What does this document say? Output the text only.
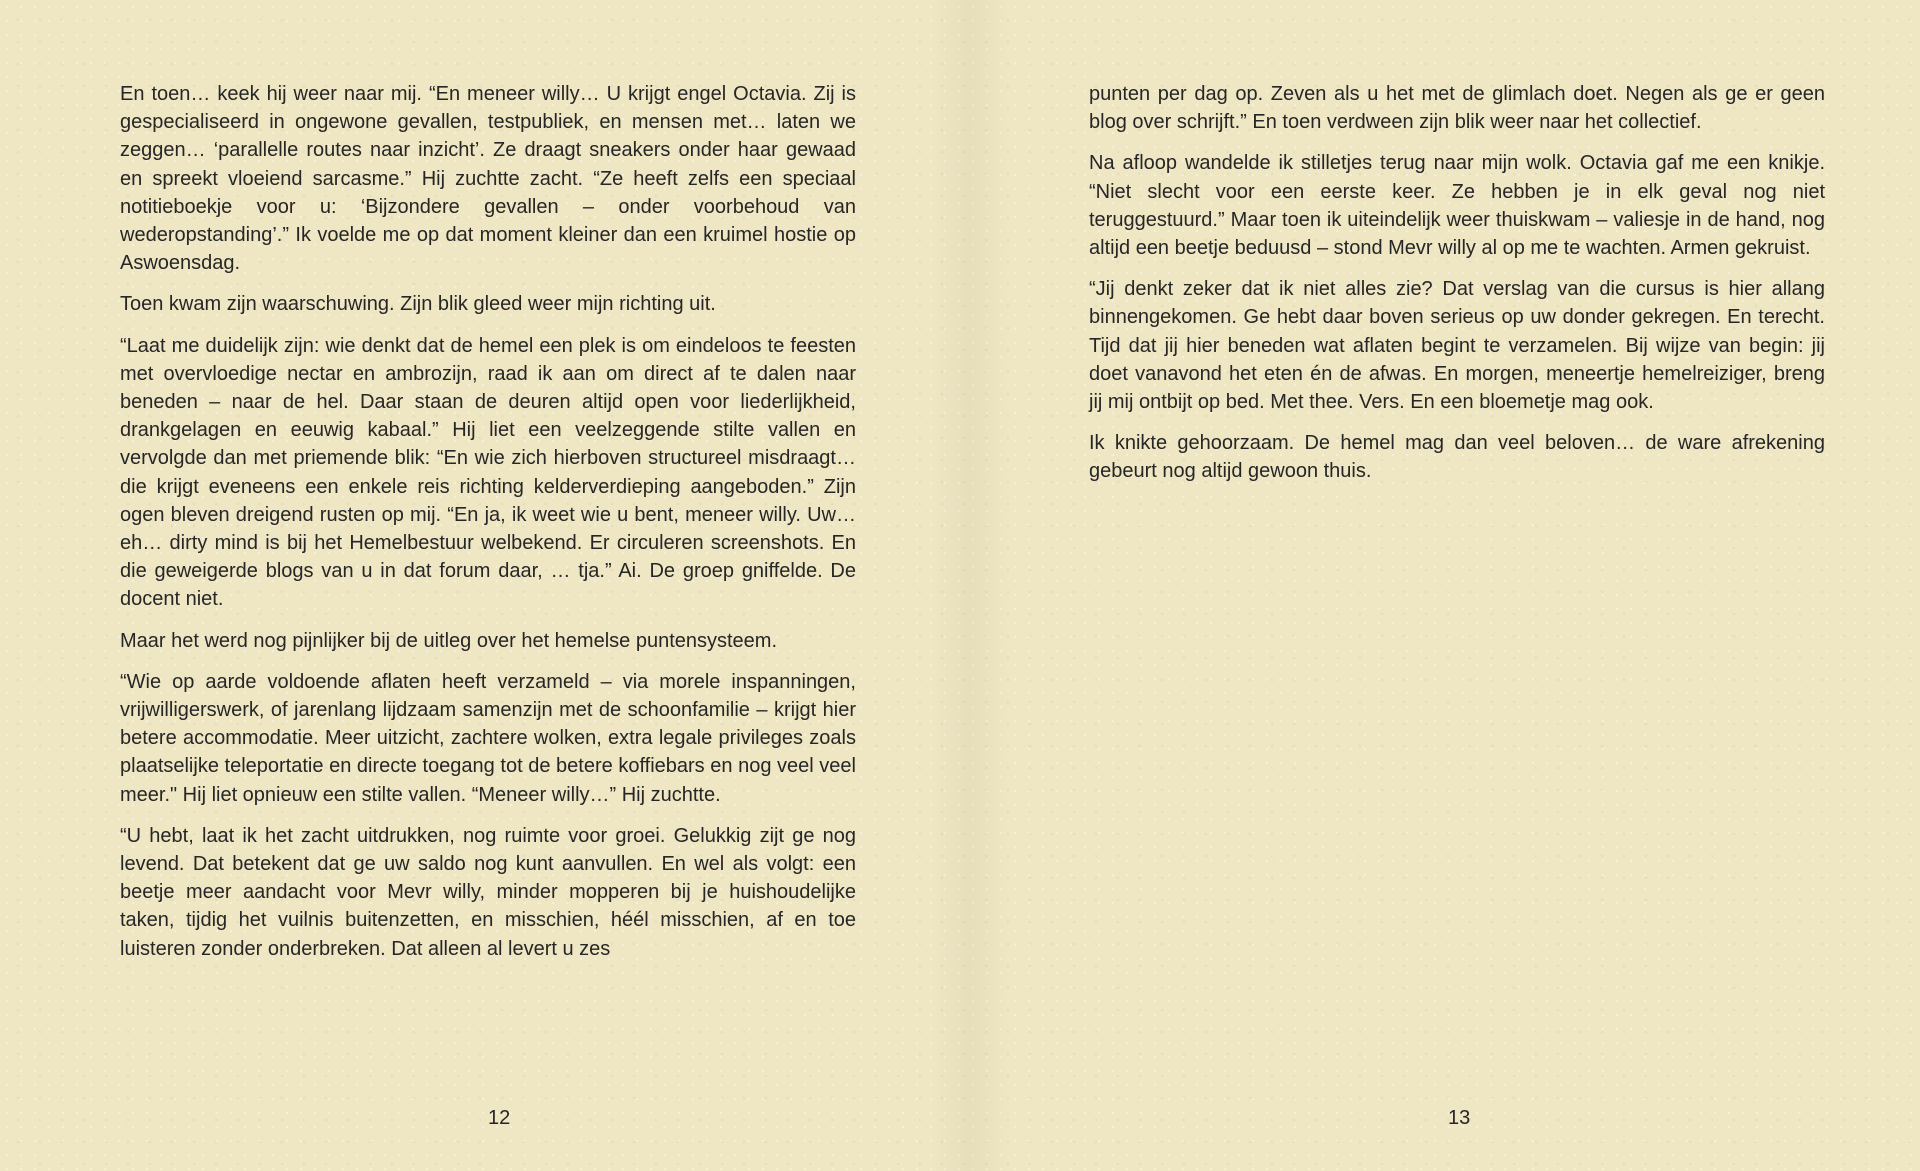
En toen… keek hij weer naar mij. “En meneer willy… U krijgt engel Octavia. Zij is gespecialiseerd in ongewone gevallen, testpubliek, en mensen met… laten we zeggen… ‘parallelle routes naar inzicht’. Ze draagt sneakers onder haar gewaad en spreekt vloeiend sarcasme.” Hij zuchtte zacht. “Ze heeft zelfs een speciaal notitieboekje voor u: ‘Bijzondere gevallen – onder voorbehoud van wederopstanding’.” Ik voelde me op dat moment kleiner dan een kruimel hostie op Aswoensdag.

Toen kwam zijn waarschuwing. Zijn blik gleed weer mijn richting uit.

“Laat me duidelijk zijn: wie denkt dat de hemel een plek is om eindeloos te feesten met overvloedige nectar en ambrozijn, raad ik aan om direct af te dalen naar beneden – naar de hel. Daar staan de deuren altijd open voor liederlijkheid, drankgelagen en eeuwig kabaal.” Hij liet een veelzeggende stilte vallen en vervolgde dan met priemende blik: “En wie zich hierboven structureel misdraagt… die krijgt eveneens een enkele reis richting kelderverdieping aangeboden.” Zijn ogen bleven dreigend rusten op mij. “En ja, ik weet wie u bent, meneer willy. Uw… eh… dirty mind is bij het Hemelbestuur welbekend. Er circuleren screenshots. En die geweigerde blogs van u in dat forum daar, … tja.” Ai. De groep gniffelde. De docent niet.

Maar het werd nog pijnlijker bij de uitleg over het hemelse puntensysteem.

“Wie op aarde voldoende aflaten heeft verzameld – via morele inspanningen, vrijwilligerswerk, of jarenlang lijdzaam samenzijn met de schoonfamilie – krijgt hier betere accommodatie. Meer uitzicht, zachtere wolken, extra legale privileges zoals plaatselijke teleportatie en directe toegang tot de betere koffiebars en nog veel veel meer." Hij liet opnieuw een stilte vallen. “Meneer willy…” Hij zuchtte.

“U hebt, laat ik het zacht uitdrukken, nog ruimte voor groei. Gelukkig zijt ge nog levend. Dat betekent dat ge uw saldo nog kunt aanvullen. En wel als volgt: een beetje meer aandacht voor Mevr willy, minder mopperen bij je huishoudelijke taken, tijdig het vuilnis buitenzetten, en misschien, héél misschien, af en toe luisteren zonder onderbreken. Dat alleen al levert u zes

12

punten per dag op. Zeven als u het met de glimlach doet. Negen als ge er geen blog over schrijft.” En toen verdween zijn blik weer naar het collectief.

Na afloop wandelde ik stilletjes terug naar mijn wolk. Octavia gaf me een knikje. “Niet slecht voor een eerste keer. Ze hebben je in elk geval nog niet teruggestuurd.” Maar toen ik uiteindelijk weer thuiskwam – valiesje in de hand, nog altijd een beetje beduusd – stond Mevr willy al op me te wachten. Armen gekruist.

“Jij denkt zeker dat ik niet alles zie? Dat verslag van die cursus is hier allang binnengekomen. Ge hebt daar boven serieus op uw donder gekregen. En terecht. Tijd dat jij hier beneden wat aflaten begint te verzamelen. Bij wijze van begin: jij doet vanavond het eten én de afwas. En morgen, meneertje hemelreiziger, breng jij mij ontbijt op bed. Met thee. Vers. En een bloemetje mag ook.

Ik knikte gehoorzaam. De hemel mag dan veel beloven… de ware afrekening gebeurt nog altijd gewoon thuis.

13
